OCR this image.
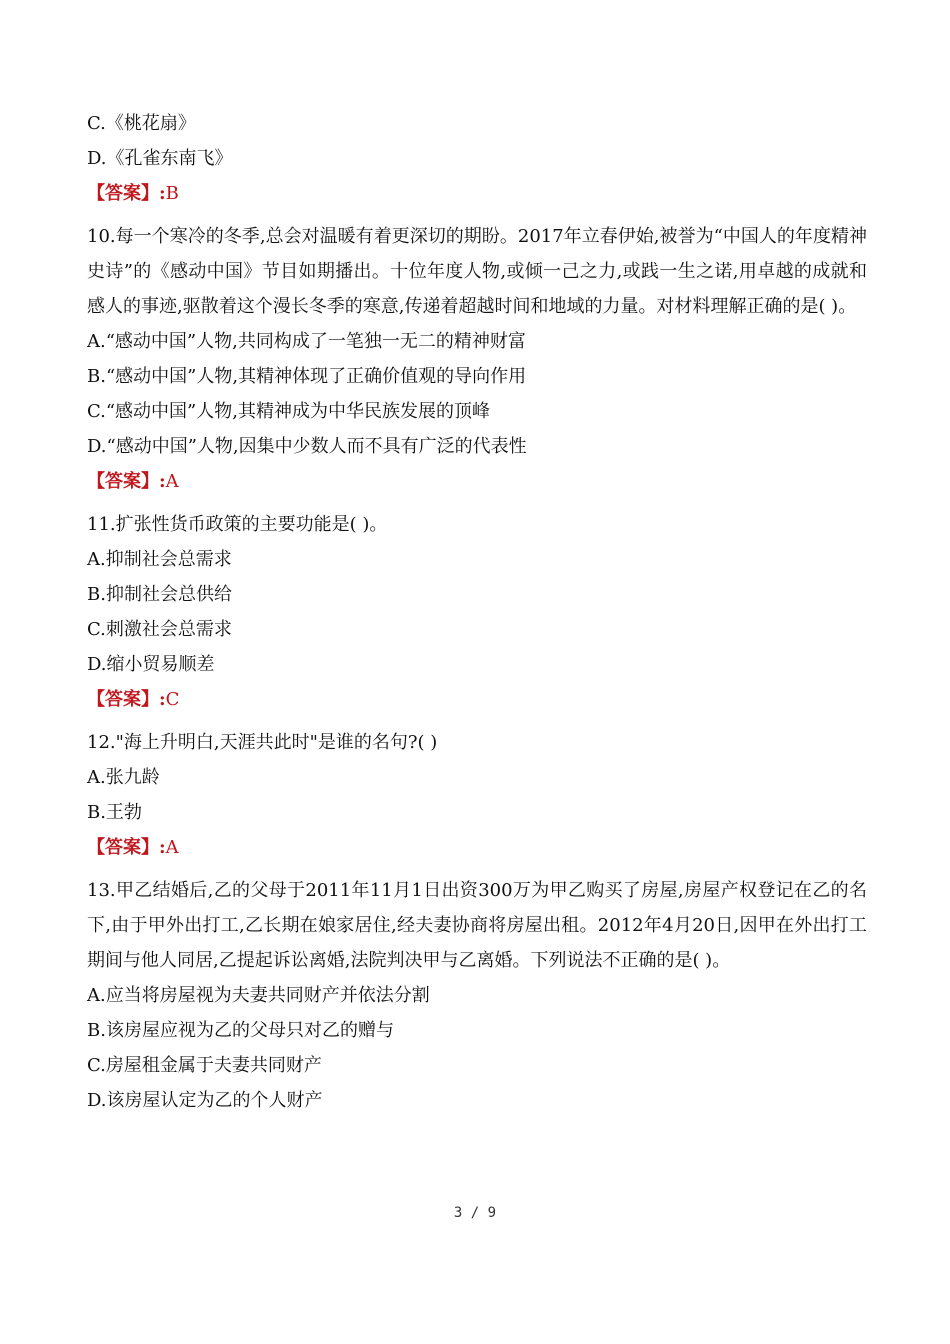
C.《桃花扇》
D.《孔雀东南飞》
【答案】:B
10.每一个寒冷的冬季,总会对温暖有着更深切的期盼。2017年立春伊始,被誉为“中国人的年度精神史诗”的《感动中国》节目如期播出。十位年度人物,或倾一己之力,或践一生之诺,用卓越的成就和感人的事迹,驱散着这个漫长冬季的寒意,传递着超越时间和地域的力量。对材料理解正确的是( )。
A.“感动中国”人物,共同构成了一笔独一无二的精神财富
B.“感动中国”人物,其精神体现了正确价值观的导向作用
C.“感动中国”人物,其精神成为中华民族发展的顶峰
D.“感动中国”人物,因集中少数人而不具有广泛的代表性
【答案】:A
11.扩张性货币政策的主要功能是( )。
A.抑制社会总需求
B.抑制社会总供给
C.刺激社会总需求
D.缩小贸易顺差
【答案】:C
12."海上升明白,天涯共此时"是谁的名句?( )
A.张九龄
B.王勃
【答案】:A
13.甲乙结婚后,乙的父母于2011年11月1日出资300万为甲乙购买了房屋,房屋产权登记在乙的名下,由于甲外出打工,乙长期在娘家居住,经夫妻协商将房屋出租。2012年4月20日,因甲在外出打工期间与他人同居,乙提起诉讼离婚,法院判决甲与乙离婚。下列说法不正确的是( )。
A.应当将房屋视为夫妻共同财产并依法分割
B.该房屋应视为乙的父母只对乙的赠与
C.房屋租金属于夫妻共同财产
D.该房屋认定为乙的个人财产
3 / 9
